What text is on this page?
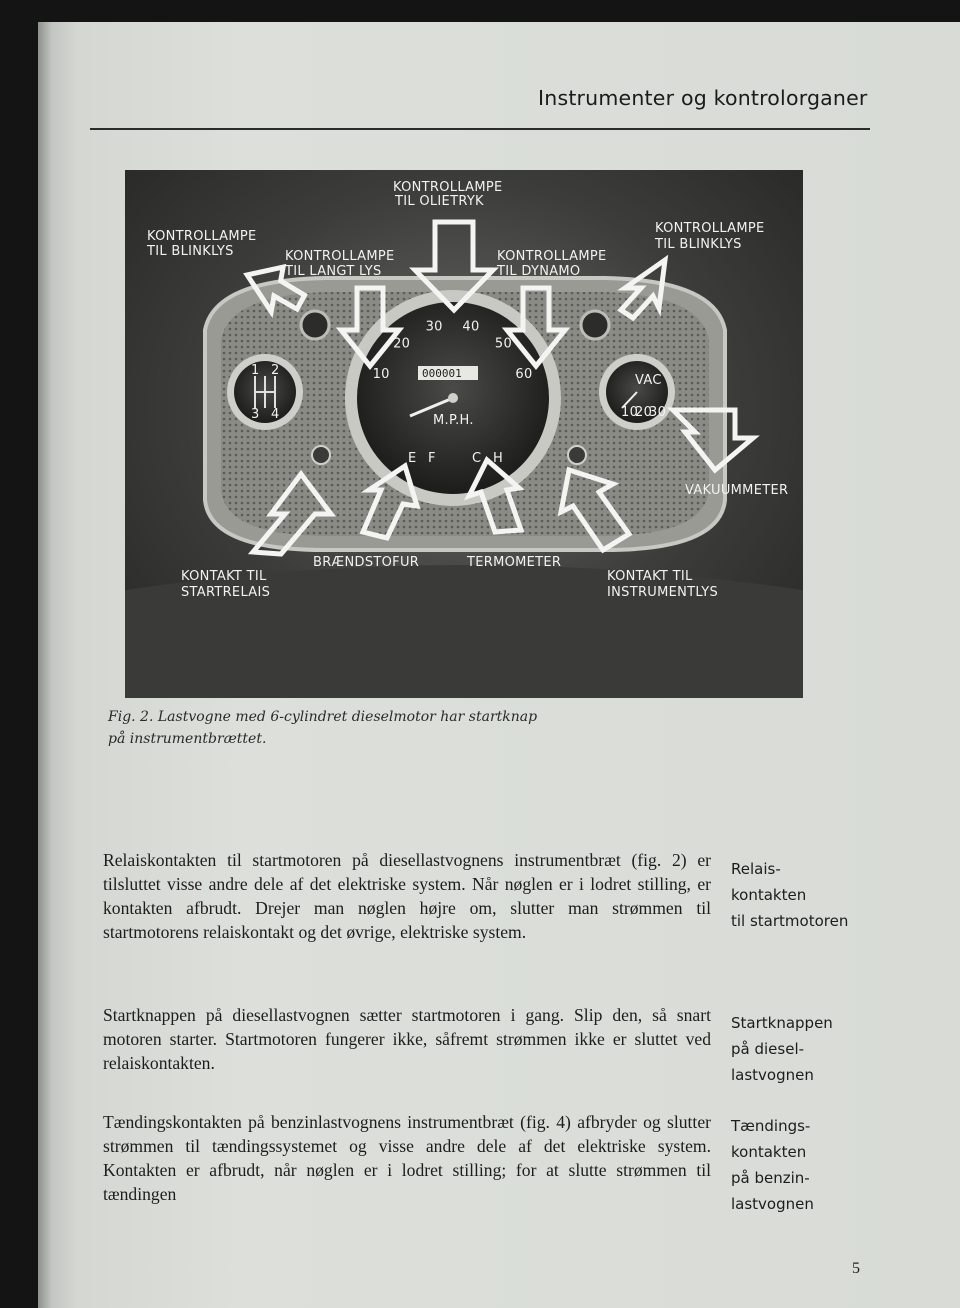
Instrumenter og kontrolorganer
1 2
3 4
VAC
10
20
30
10
20
30 40
50
60
000001
M.P.H.
E F	C H
KONTROLLAMPE TIL OLIETRYK
KONTROLLAMPE TIL BLINKLYS	KONTROLLAMPE TIL LANGT LYS
KONTROLLAMPE TIL DYNAMO
KONTROLLAMPE TIL BLINKLYS
VAKUUMMETER
BRÆNDSTOFUR	TERMOMETER
KONTAKT TIL STARTRELAIS
KONTAKT TIL INSTRUMENTLYS
Fig. 2. Lastvogne med 6-cylindret dieselmotor har startknap
på instrumentbrættet.
Relaiskontakten til startmotoren på diesellastvognens instrumentbræt (fig. 2) er tilsluttet visse andre dele af det elektriske system. Når nøglen er i lodret stilling, er kontakten afbrudt. Drejer man nøglen højre om, slutter man strømmen til startmotorens relaiskontakt og det øvrige, elektriske system.
Startknappen på diesellastvognen sætter startmotoren i gang. Slip den, så snart motoren starter. Startmotoren fungerer ikke, såfremt strømmen ikke er sluttet ved relaiskontakten.
Tændingskontakten på benzinlastvognens instrumentbræt (fig. 4) afbryder og slutter strømmen til tændingssystemet og visse andre dele af det elektriske system. Kontakten er afbrudt, når nøglen er i lodret stilling; for at slutte strømmen til tændingen
Relais-
kontakten
til startmotoren
Startknappen
på diesel-
lastvognen
Tændings-
kontakten
på benzin-
lastvognen
5
